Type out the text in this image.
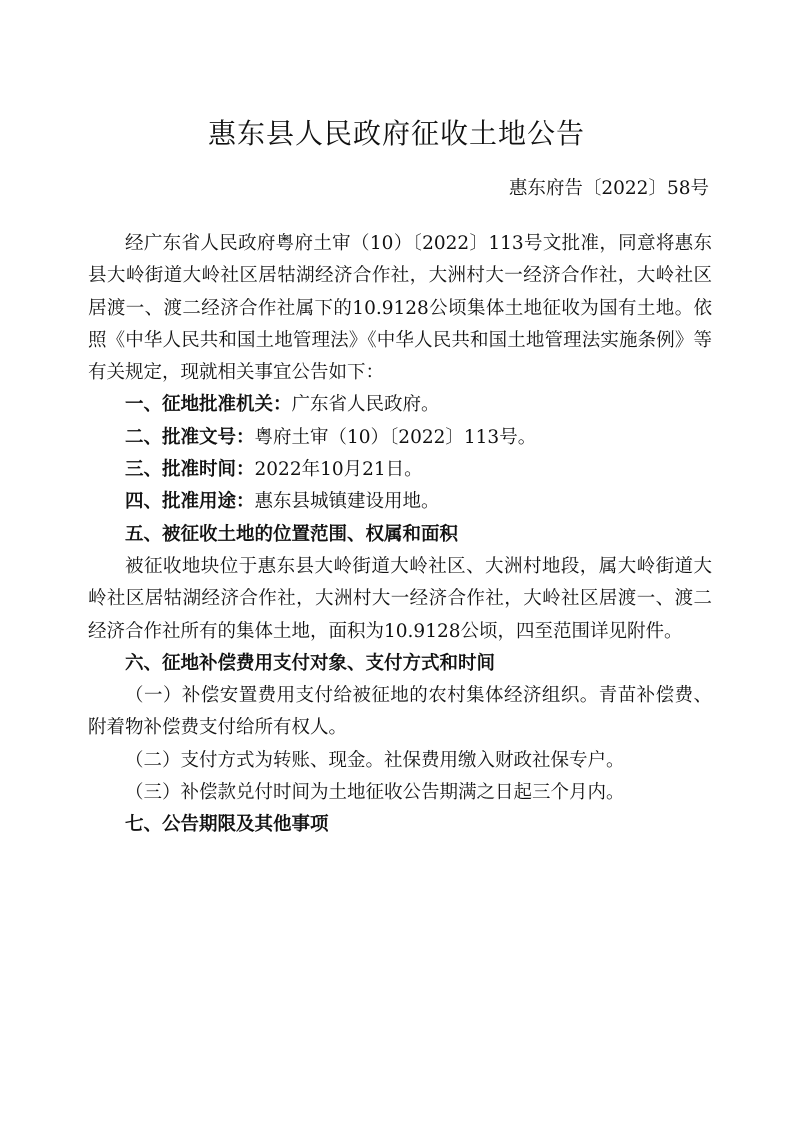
惠东县人民政府征收土地公告
惠东府告〔2022〕58号

经广东省人民政府粤府土审（10）〔2022〕113号文批准，同意将惠东县大岭街道大岭社区居牯湖经济合作社，大洲村大一经济合作社，大岭社区居渡一、渡二经济合作社属下的10.9128公顷集体土地征收为国有土地。依照《中华人民共和国土地管理法》《中华人民共和国土地管理法实施条例》等有关规定，现就相关事宜公告如下：

一、征地批准机关：广东省人民政府。

二、批准文号：粤府土审（10）〔2022〕113号。

三、批准时间：2022年10月21日。

四、批准用途：惠东县城镇建设用地。

五、被征收土地的位置范围、权属和面积

被征收地块位于惠东县大岭街道大岭社区、大洲村地段，属大岭街道大岭社区居牯湖经济合作社，大洲村大一经济合作社，大岭社区居渡一、渡二经济合作社所有的集体土地，面积为10.9128公顷，四至范围详见附件。

六、征地补偿费用支付对象、支付方式和时间

（一）补偿安置费用支付给被征地的农村集体经济组织。青苗补偿费、附着物补偿费支付给所有权人。

（二）支付方式为转账、现金。社保费用缴入财政社保专户。

（三）补偿款兑付时间为土地征收公告期满之日起三个月内。

七、公告期限及其他事项
